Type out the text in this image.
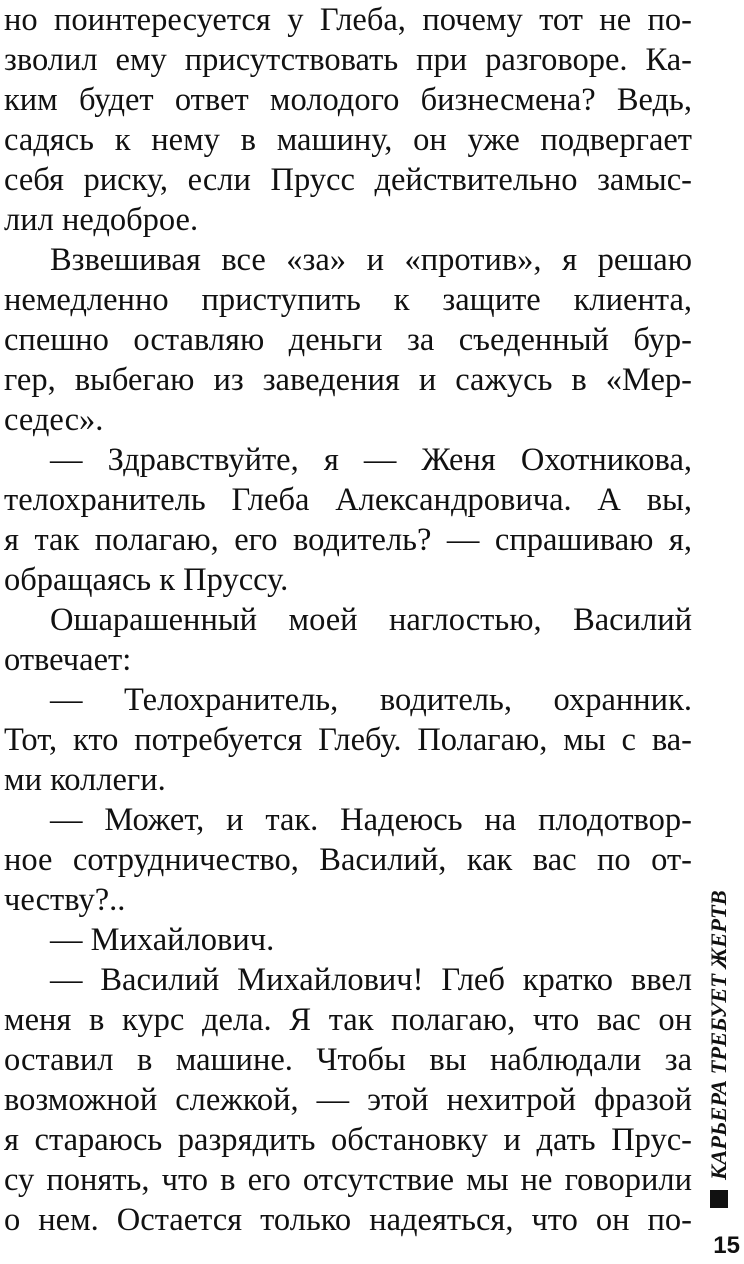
но поинтересуется у Глеба, почему тот не по-
зволил ему присутствовать при разговоре. Ка-
ким будет ответ молодого бизнесмена? Ведь,
садясь к нему в машину, он уже подвергает
себя риску, если Прусс действительно замыс-
лил недоброе.
Взвешивая все «за» и «против», я решаю
немедленно приступить к защите клиента,
спешно оставляю деньги за съеденный бур-
гер, выбегаю из заведения и сажусь в «Мер-
седес».
— Здравствуйте, я — Женя Охотникова,
телохранитель Глеба Александровича. А вы,
я так полагаю, его водитель? — спрашиваю я,
обращаясь к Пруссу.
Ошарашенный моей наглостью, Василий
отвечает:
— Телохранитель, водитель, охранник.
Тот, кто потребуется Глебу. Полагаю, мы с ва-
ми коллеги.
— Может, и так. Надеюсь на плодотвор-
ное сотрудничество, Василий, как вас по от-
честву?..
— Михайлович.
— Василий Михайлович! Глеб кратко ввел
меня в курс дела. Я так полагаю, что вас он
оставил в машине. Чтобы вы наблюдали за
возможной слежкой, — этой нехитрой фразой
я стараюсь разрядить обстановку и дать Прус-
су понять, что в его отсутствие мы не говорили
о нем. Остается только надеяться, что он по-
КАРЬЕРА ТРЕБУЕТ ЖЕРТВ
15
